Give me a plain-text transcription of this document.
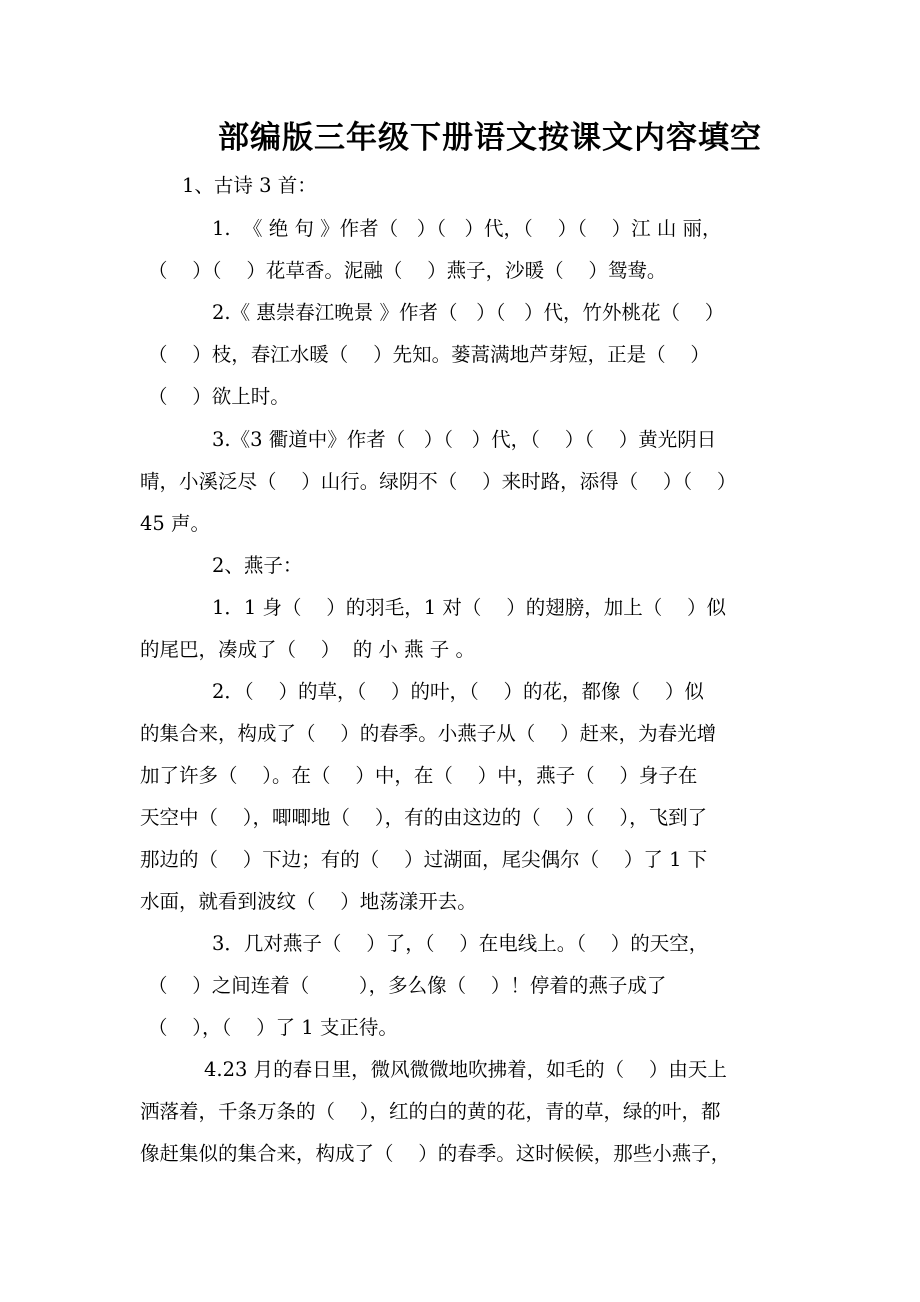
部编版三年级下册语文按课文内容填空
1、古诗 3 首：
1.  《 绝 句 》作者（   ）（   ）代，（    ）（    ）江 山 丽，
（    ）（    ）花草香。泥融（    ）燕子，沙暖（    ）鸳鸯。
2.《 惠崇春江晚景 》作者（   ）（   ）代，竹外桃花（    ）
（    ）枝，春江水暖（    ）先知。蒌蒿满地芦芽短，正是（    ）
（    ）欲上时。
3.《3 衢道中》作者（   ）（   ）代，（    ）（    ）黄光阴日
晴，小溪泛尽（    ）山行。绿阴不（    ）来时路，添得（    ）（    ）
45 声。
2、燕子：
1．1 身（    ）的羽毛，1 对（    ）的翅膀，加上（    ）似
的尾巴，凑成了（    ）  的 小 燕 子 。
2．（    ）的草，（    ）的叶，（    ）的花，都像（    ）似
的集合来，构成了（    ）的春季。小燕子从（    ）赶来，为春光增
加了许多（    ）。在（    ）中，在（    ）中，燕子（    ）身子在
天空中（    ），唧唧地（    ），有的由这边的（    ）（    ），飞到了
那边的（    ）下边；有的（    ）过湖面，尾尖偶尔（    ）了 1 下
水面，就看到波纹（    ）地荡漾开去。
3．几对燕子（    ）了，（    ）在电线上。（    ）的天空，
（    ）之间连着（        ），多么像（    ）！停着的燕子成了
（    ），（    ）了 1 支正待。
4.23 月的春日里，微风微微地吹拂着，如毛的（    ）由天上
洒落着，千条万条的（    ），红的白的黄的花，青的草，绿的叶，都
像赶集似的集合来，构成了（    ）的春季。这时候候，那些小燕子，
